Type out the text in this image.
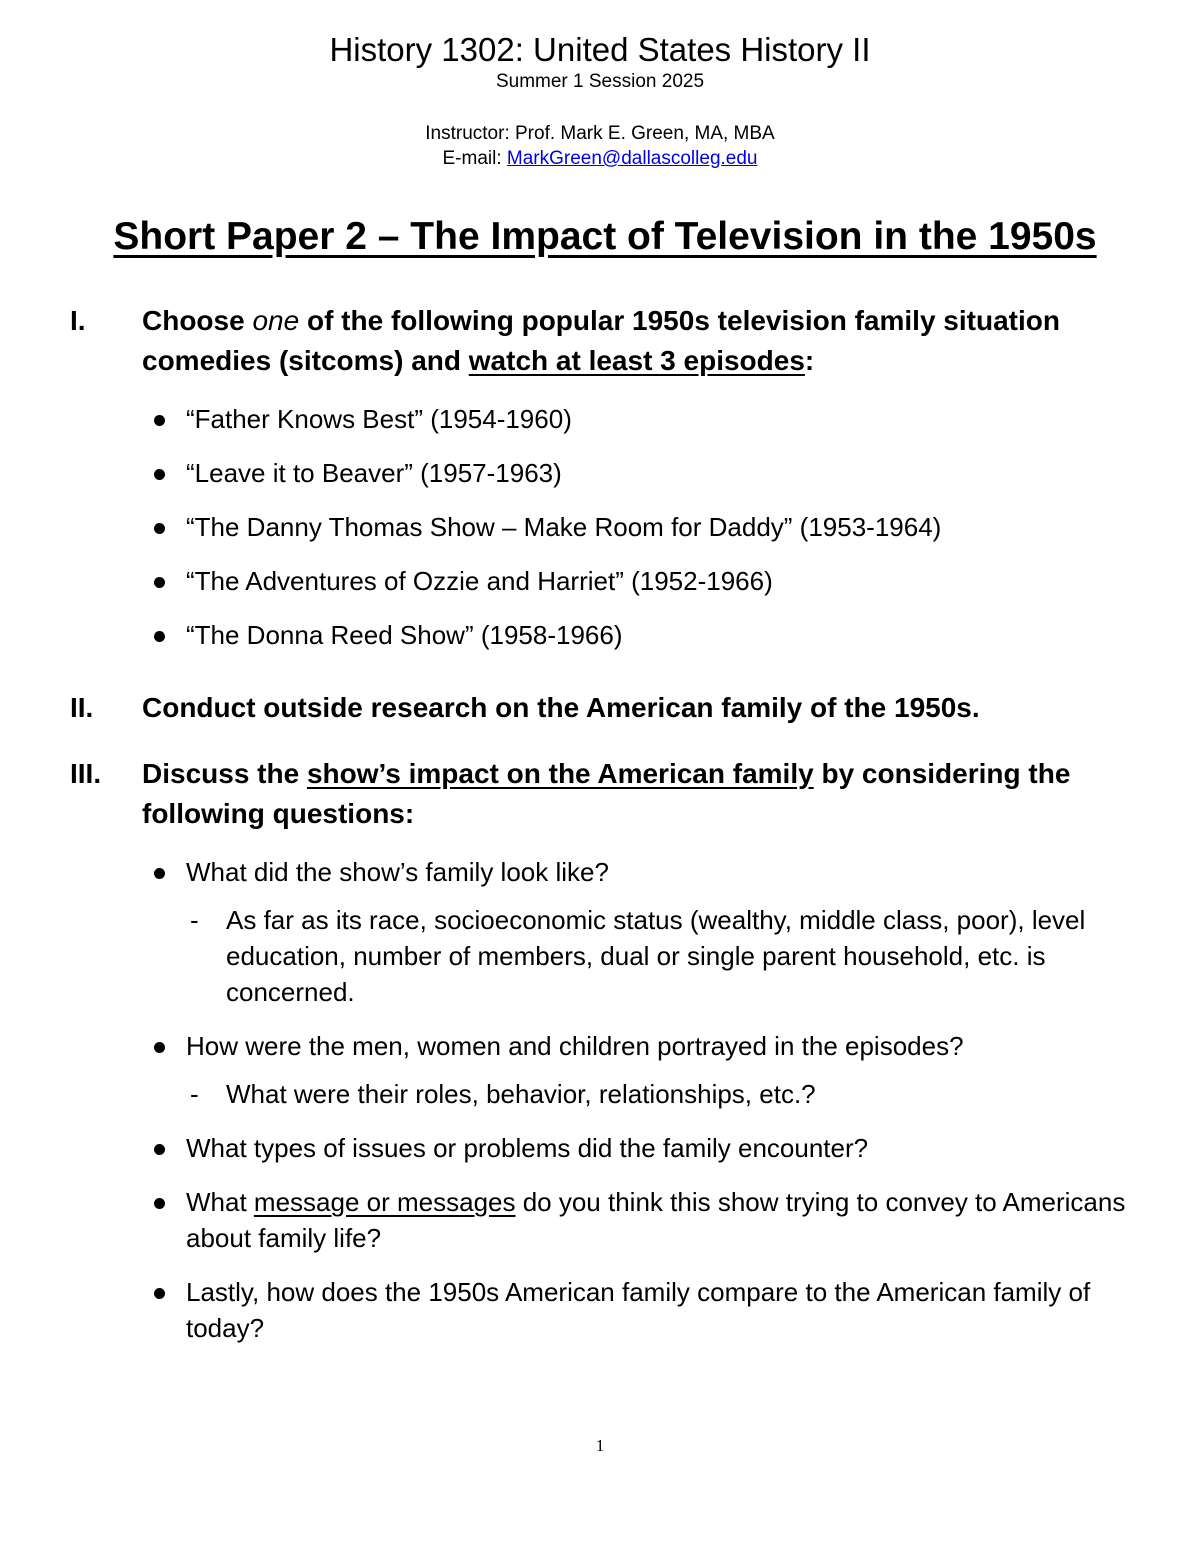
History 1302: United States History II
Summer 1 Session 2025
Instructor: Prof. Mark E. Green, MA, MBA
E-mail: MarkGreen@dallascolleg.edu
Short Paper 2 – The Impact of Television in the 1950s
I. Choose one of the following popular 1950s television family situation comedies (sitcoms) and watch at least 3 episodes:
“Father Knows Best” (1954-1960)
“Leave it to Beaver” (1957-1963)
“The Danny Thomas Show – Make Room for Daddy” (1953-1964)
“The Adventures of Ozzie and Harriet” (1952-1966)
“The Donna Reed Show” (1958-1966)
II. Conduct outside research on the American family of the 1950s.
III. Discuss the show’s impact on the American family by considering the following questions:
What did the show’s family look like?
- As far as its race, socioeconomic status (wealthy, middle class, poor), level education, number of members, dual or single parent household, etc. is concerned.
How were the men, women and children portrayed in the episodes?
- What were their roles, behavior, relationships, etc.?
What types of issues or problems did the family encounter?
What message or messages do you think this show trying to convey to Americans about family life?
Lastly, how does the 1950s American family compare to the American family of today?
1
